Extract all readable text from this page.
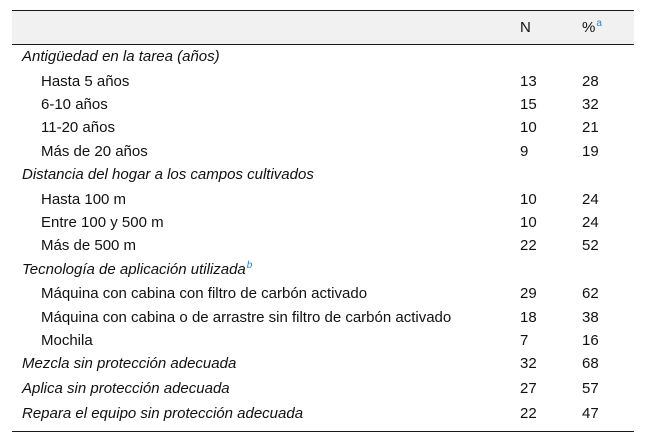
N	%$^a$
Antigüedad en la tarea (años)
Hasta 5 años	13	28
6-10 años	15	32
11-20 años	10	21
Más de 20 años	9	19
Distancia del hogar a los campos cultivados
Hasta 100 m	10	24
Entre 100 y 500 m	10	24
Más de 500 m	22	52
Tecnología de aplicación utilizada$^b$
Máquina con cabina con filtro de carbón activado	29	62
Máquina con cabina o de arrastre sin filtro de carbón activado	18	38
Mochila	7	16
Mezcla sin protección adecuada	32	68
Aplica sin protección adecuada	27	57
Repara el equipo sin protección adecuada	22	47
